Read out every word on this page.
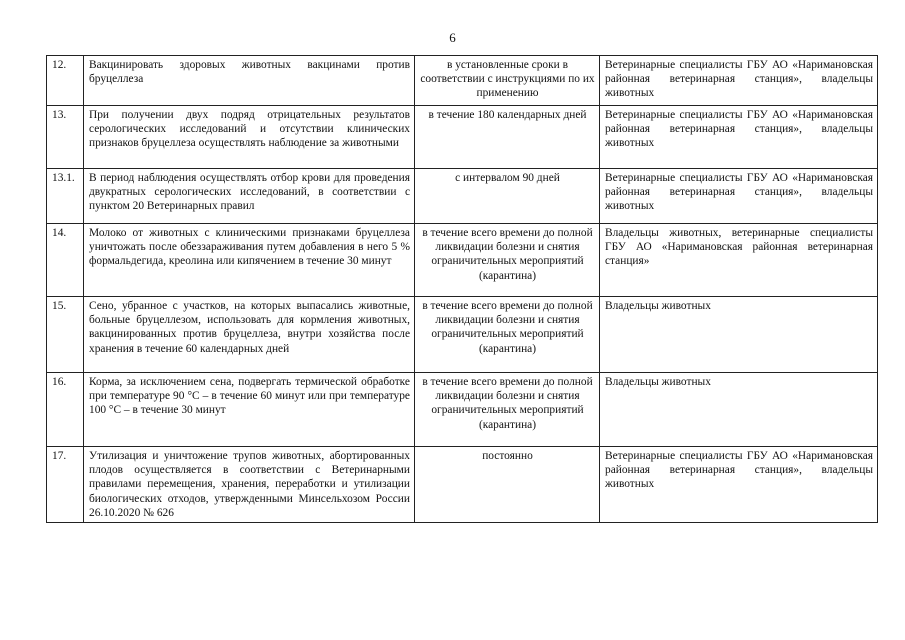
6
12.	Вакцинировать здоровых животных вакцинами против бруцеллеза	в установленные сроки в соответствии с инструкциями по их применению	Ветеринарные специалисты ГБУ АО «Наримановская районная ветеринарная станция», владельцы животных
13.	При получении двух подряд отрицательных результатов серологических исследований и отсутствии клинических признаков бруцеллеза осуществлять наблюдение за животными	в течение 180 календарных дней	Ветеринарные специалисты ГБУ АО «Наримановская районная ветеринарная станция», владельцы животных
13.1.	В период наблюдения осуществлять отбор крови для проведения двукратных серологических исследований, в соответствии с пунктом 20 Ветеринарных правил	с интервалом 90 дней	Ветеринарные специалисты ГБУ АО «Наримановская районная ветеринарная станция», владельцы животных
14.	Молоко от животных с клиническими признаками бруцеллеза уничтожать после обеззараживания путем добавления в него 5 % формальдегида, креолина или кипячением в течение 30 минут	в течение всего времени до полной ликвидации болезни и снятия ограничительных мероприятий (карантина)	Владельцы животных, ветеринарные специалисты ГБУ АО «Наримановская районная ветеринарная станция»
15.	Сено, убранное с участков, на которых выпасались животные, больные бруцеллезом, использовать для кормления животных, вакцинированных против бруцеллеза, внутри хозяйства после хранения в течение 60 календарных дней	в течение всего времени до полной ликвидации болезни и снятия ограничительных мероприятий (карантина)	Владельцы животных
16.	Корма, за исключением сена, подвергать термической обработке при температуре 90 °С – в течение 60 минут или при температуре 100 °С – в течение 30 минут	в течение всего времени до полной ликвидации болезни и снятия ограничительных мероприятий (карантина)	Владельцы животных
17.	Утилизация и уничтожение трупов животных, абортированных плодов осуществляется в соответствии с Ветеринарными правилами перемещения, хранения, переработки и утилизации биологических отходов, утвержденными Минсельхозом России 26.10.2020 № 626	постоянно	Ветеринарные специалисты ГБУ АО «Наримановская районная ветеринарная станция», владельцы животных
